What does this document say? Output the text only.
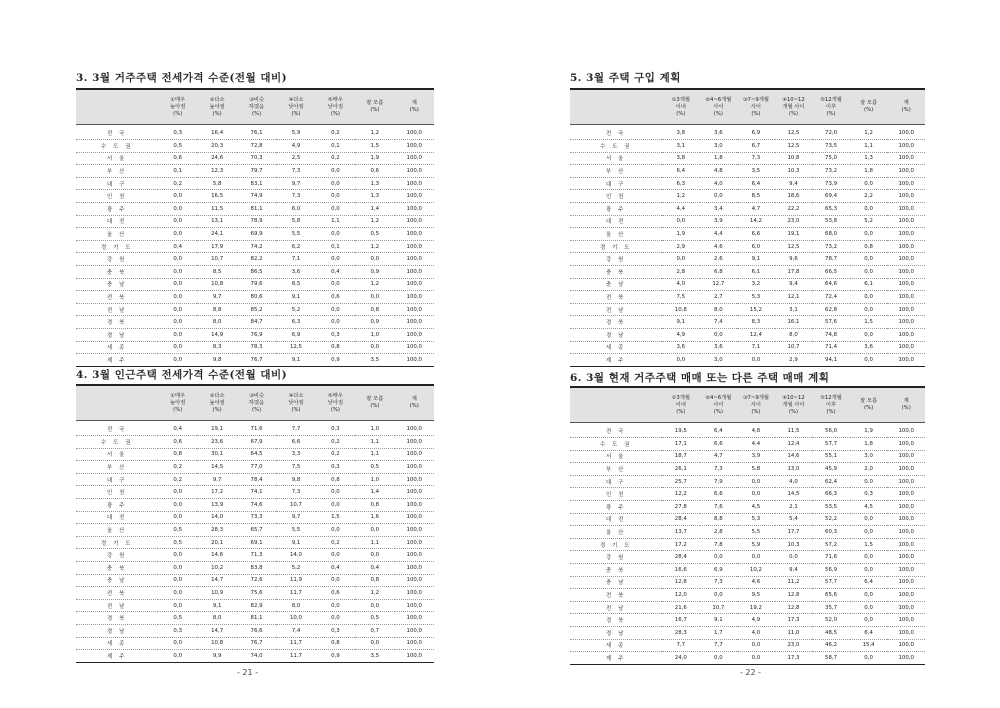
3. 3월 거주주택 전세가격 수준(전월 대비)
	①매우
높아짐
(%)	②다소
높아짐
(%)	③비슷
하였음
(%)	④다소
낮아짐
(%)	⑤매우
낮아짐
(%)	잘 모름
(%)	계
(%)
전 국	0,3	16,4	76,1	5,9	0,2	1,2	100,0
수 도 권	0,5	20,3	72,8	4,9	0,1	1,5	100,0
서 울	0,6	24,6	70,3	2,5	0,2	1,9	100,0
부 산	0,1	12,3	79,7	7,3	0,0	0,6	100,0
대 구	0,2	5,8	83,1	9,7	0,0	1,3	100,0
인 천	0,0	16,5	74,9	7,3	0,0	1,3	100,0
광 주	0,0	11,5	81,1	6,0	0,0	1,4	100,0
대 전	0,0	13,1	78,9	5,8	1,1	1,2	100,0
울 산	0,0	24,1	69,9	5,5	0,0	0,5	100,0
경 기 도	0,4	17,9	74,2	6,2	0,1	1,2	100,0
강 원	0,0	10,7	82,2	7,1	0,0	0,0	100,0
충 북	0,0	8,5	86,5	3,6	0,4	0,9	100,0
충 남	0,0	10,8	79,6	8,5	0,0	1,2	100,0
전 북	0,0	9,7	80,6	9,1	0,6	0,0	100,0
전 남	0,0	8,8	85,2	5,2	0,0	0,8	100,0
경 북	0,0	8,0	84,7	6,3	0,0	0,9	100,0
경 남	0,0	14,9	76,9	6,9	0,3	1,0	100,0
세 종	0,0	8,3	78,3	12,5	0,8	0,0	100,0
제 주	0,0	9,8	76,7	9,1	0,9	3,5	100,0
4. 3월 인근주택 전세가격 수준(전월 대비)
	①매우
높아짐
(%)	②다소
높아짐
(%)	③비슷
하였음
(%)	④다소
낮아짐
(%)	⑤매우
낮아짐
(%)	잘 모름
(%)	계
(%)
전 국	0,4	19,1	71,6	7,7	0,3	1,0	100,0
수 도 권	0,6	23,6	67,9	6,6	0,2	1,1	100,0
서 울	0,8	30,1	64,5	3,3	0,2	1,1	100,0
부 산	0,2	14,5	77,0	7,5	0,3	0,5	100,0
대 구	0,2	9,7	78,4	9,8	0,8	1,0	100,0
인 천	0,0	17,2	74,1	7,3	0,0	1,4	100,0
광 주	0,0	13,9	74,6	10,7	0,0	0,8	100,0
대 전	0,0	14,0	73,3	9,7	1,5	1,6	100,0
울 산	0,5	28,3	65,7	5,5	0,0	0,0	100,0
경 기 도	0,5	20,1	69,1	9,1	0,2	1,1	100,0
강 원	0,0	14,6	71,3	14,0	0,0	0,0	100,0
충 북	0,0	10,2	83,8	5,2	0,4	0,4	100,0
충 남	0,0	14,7	72,6	11,9	0,0	0,8	100,0
전 북	0,0	10,9	75,6	11,7	0,6	1,2	100,0
전 남	0,0	9,1	82,9	8,0	0,0	0,0	100,0
경 북	0,5	8,0	81,1	10,0	0,0	0,5	100,0
경 남	0,3	14,7	76,6	7,4	0,3	0,7	100,0
세 종	0,0	10,8	76,7	11,7	0,8	0,0	100,0
제 주	0,0	9,9	74,0	11,7	0,9	3,5	100,0
5. 3월 주택 구입 계획
	①3개월
이내
(%)	②4~6개월
사이
(%)	③7~9개월
사이
(%)	④10~12
개월 사이
(%)	⑤12개월
이후
(%)	잘 모름
(%)	계
(%)
전 국	3,8	3,6	6,9	12,5	72,0	1,2	100,0
수 도 권	3,1	3,0	6,7	12,5	73,5	1,1	100,0
서 울	3,8	1,8	7,3	10,8	75,0	1,3	100,0
부 산	6,4	4,8	3,5	10,3	73,2	1,8	100,0
대 구	6,3	4,0	6,4	9,4	73,9	0,0	100,0
인 천	1,2	0,0	8,5	18,6	69,4	2,2	100,0
광 주	4,4	3,4	4,7	22,2	65,3	0,0	100,0
대 전	0,0	3,9	14,2	23,0	53,8	5,2	100,0
울 산	1,9	4,4	6,6	19,1	68,0	0,0	100,0
경 기 도	2,9	4,6	6,0	12,5	73,2	0,8	100,0
강 원	0,0	2,6	9,1	9,6	78,7	0,0	100,0
충 북	2,8	6,8	6,1	17,8	66,5	0,0	100,0
충 남	4,0	12,7	3,2	9,4	64,6	6,1	100,0
전 북	7,5	2,7	5,3	12,1	72,4	0,0	100,0
전 남	10,8	8,0	15,2	3,1	62,8	0,0	100,0
경 북	9,1	7,4	8,3	16,1	57,6	1,5	100,0
경 남	4,9	0,0	12,4	8,0	74,8	0,0	100,0
세 종	3,6	3,6	7,1	10,7	71,4	3,6	100,0
제 주	0,0	3,0	0,0	2,9	94,1	0,0	100,0
6. 3월 현재 거주주택 매매 또는 다른 주택 매매 계획
	①3개월
이내
(%)	②4~6개월
사이
(%)	③7~9개월
사이
(%)	④10~12
개월 사이
(%)	⑤12개월
이후
(%)	잘 모름
(%)	계
(%)
전 국	19,5	6,4	4,8	11,5	56,0	1,9	100,0
수 도 권	17,1	6,6	4,4	12,4	57,7	1,8	100,0
서 울	18,7	4,7	3,9	14,6	55,1	3,0	100,0
부 산	26,1	7,3	5,8	13,0	45,9	2,0	100,0
대 구	25,7	7,9	0,0	4,0	62,4	0,0	100,0
인 천	12,2	6,6	0,0	14,5	66,3	0,3	100,0
광 주	27,8	7,6	4,5	2,1	53,5	4,5	100,0
대 전	28,4	8,8	5,3	5,4	52,2	0,0	100,0
울 산	13,7	2,8	5,5	17,7	60,3	0,0	100,0
경 기 도	17,2	7,8	5,9	10,3	57,2	1,5	100,0
강 원	28,4	0,0	0,0	0,0	71,6	0,0	100,0
충 북	16,6	6,9	10,2	9,4	56,9	0,0	100,0
충 남	12,8	7,3	4,6	11,2	57,7	6,4	100,0
전 북	12,0	0,0	9,5	12,8	65,6	0,0	100,0
전 남	21,6	10,7	19,2	12,8	35,7	0,0	100,0
경 북	16,7	9,1	4,9	17,3	52,0	0,0	100,0
경 남	28,3	1,7	4,0	11,0	48,5	6,4	100,0
세 종	7,7	7,7	0,0	23,0	46,2	15,4	100,0
제 주	24,0	0,0	0,0	17,3	58,7	0,0	100,0
- 21 -	- 22 -
